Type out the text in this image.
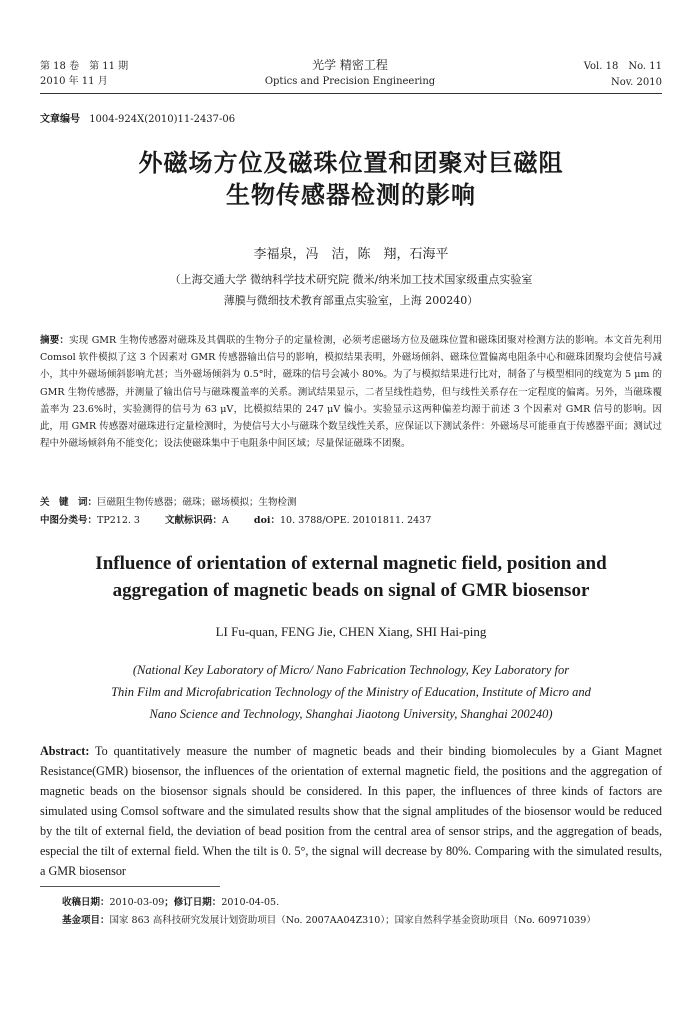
第 18 卷　第 11 期
2010 年 11 月
光学 精密工程
Optics and Precision Engineering
Vol. 18　No. 11
Nov. 2010
文章编号 1004-924X(2010)11-2437-06
外磁场方位及磁珠位置和团聚对巨磁阻
生物传感器检测的影响
李福泉，冯　洁，陈　翔，石海平
（上海交通大学 微纳科学技术研究院 微米/纳米加工技术国家级重点实验室
薄膜与微细技术教育部重点实验室，上海 200240）
摘要：实现 GMR 生物传感器对磁珠及其偶联的生物分子的定量检测，必须考虑磁场方位及磁珠位置和磁珠团聚对检测方法的影响。本文首先利用 Comsol 软件模拟了这 3 个因素对 GMR 传感器输出信号的影响，模拟结果表明，外磁场倾斜、磁珠位置偏离电阻条中心和磁珠团聚均会使信号减小，其中外磁场倾斜影响尤甚；当外磁场倾斜为 0.5°时，磁珠的信号会减小 80%。为了与模拟结果进行比对，制备了与模型相同的线宽为 5 μm 的 GMR 生物传感器，并测量了输出信号与磁珠覆盖率的关系。测试结果显示，二者呈线性趋势，但与线性关系存在一定程度的偏离。另外，当磁珠覆盖率为 23.6%时，实验测得的信号为 63 μV，比模拟结果的 247 μV 偏小。实验显示这两种偏差均源于前述 3 个因素对 GMR 信号的影响。因此，用 GMR 传感器对磁珠进行定量检测时，为使信号大小与磁珠个数呈线性关系，应保证以下测试条件：外磁场尽可能垂直于传感器平面；测试过程中外磁场倾斜角不能变化；设法使磁珠集中于电阻条中间区域；尽量保证磁珠不团聚。
关　键　词：巨磁阻生物传感器；磁珠；磁场模拟；生物检测
中图分类号：TP212. 3	文献标识码：A	doi：10. 3788/OPE. 20101811. 2437
Influence of orientation of external magnetic field, position and
aggregation of magnetic beads on signal of GMR biosensor
LI Fu-quan, FENG Jie, CHEN Xiang, SHI Hai-ping
(National Key Laboratory of Micro/ Nano Fabrication Technology, Key Laboratory for
Thin Film and Microfabrication Technology of the Ministry of Education, Institute of Micro and
Nano Science and Technology, Shanghai Jiaotong University, Shanghai 200240)
Abstract: To quantitatively measure the number of magnetic beads and their binding biomolecules by a Giant Magnet Resistance(GMR) biosensor, the influences of the orientation of external magnetic field, the positions and the aggregation of magnetic beads on the biosensor signals should be considered. In this paper, the influences of three kinds of factors are simulated using Comsol software and the simulated results show that the signal amplitudes of the biosensor would be reduced by the tilt of external field, the deviation of bead position from the central area of sensor strips, and the aggregation of beads, especial the tilt of external field. When the tilt is 0. 5°, the signal will decrease by 80%. Comparing with the simulated results, a GMR biosensor
收稿日期：2010-03-09；修订日期：2010-04-05.
基金项目：国家 863 高科技研究发展计划资助项目（No. 2007AA04Z310）；国家自然科学基金资助项目（No. 60971039）
